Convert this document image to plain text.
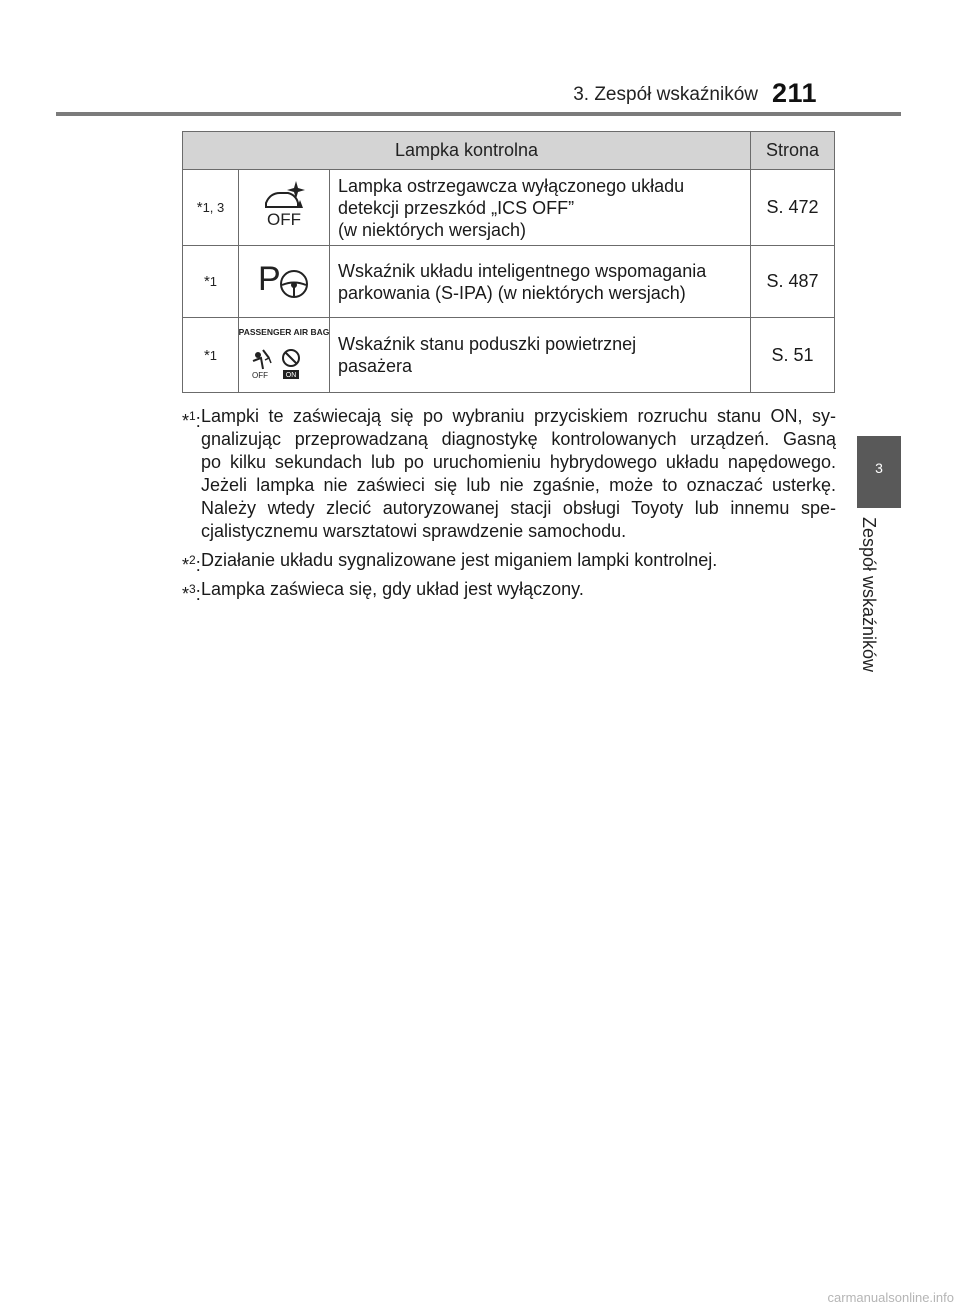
3. Zespół wskaźników 211
3
Zespół wskaźników
Lampka kontrolna			Strona
*1, 3	OFF	Lampka ostrzegawcza wyłączonego układu
detekcji przeszkód „ICS OFF”
(w niektórych wersjach)	S. 472
*1	P	Wskaźnik układu inteligentnego wspomagania
parkowania (S-IPA) (w niektórych wersjach)	S. 487
*1	PASSENGER AIR BAG
OFF ON	Wskaźnik stanu poduszki powietrznej
pasażera	S. 51
*$^1$: Lampki te zaświecają się po wybraniu przyciskiem rozruchu stanu ON, sy-
gnalizując przeprowadzaną diagnostykę kontrolowanych urządzeń. Gasną
po kilku sekundach lub po uruchomieniu hybrydowego układu napędowego.
Jeżeli lampka nie zaświeci się lub nie zgaśnie, może to oznaczać usterkę.
Należy wtedy zlecić autoryzowanej stacji obsługi Toyoty lub innemu spe-
cjalistycznemu warsztatowi sprawdzenie samochodu.
*$^2$: Działanie układu sygnalizowane jest miganiem lampki kontrolnej.
*$^3$: Lampka zaświeca się, gdy układ jest wyłączony.
carmanualsonline.info
